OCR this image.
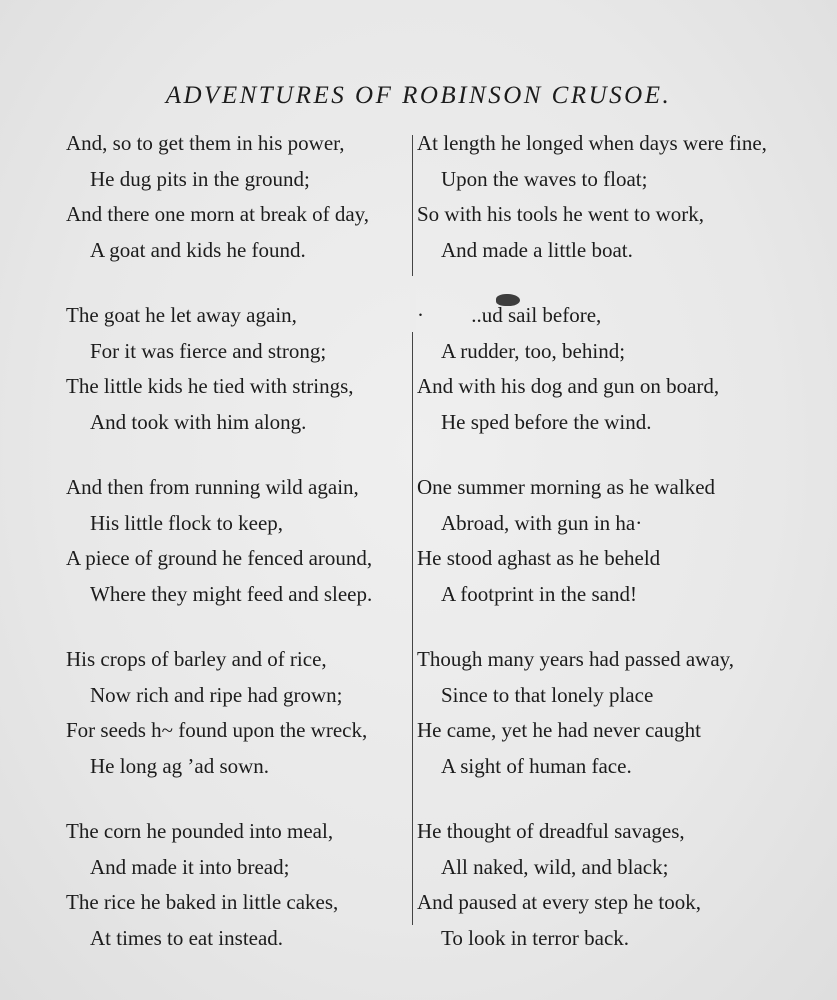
ADVENTURES OF ROBINSON CRUSOE.
And, so to get them in his power,
He dug pits in the ground;
And there one morn at break of day,
A goat and kids he found.
The goat he let away again,
For it was fierce and strong;
The little kids he tied with strings,
And took with him along.
And then from running wild again,
His little flock to keep,
A piece of ground he fenced around,
Where they might feed and sleep.
His crops of barley and of rice,
Now rich and ripe had grown;
For seeds h~ found upon the wreck,
He long ag ’ad sown.
The corn he pounded into meal,
And made it into bread;
The rice he baked in little cakes,
At times to eat instead.
At length he longed when days were fine,
Upon the waves to float;
So with his tools he went to work,
And made a little boat.
·         ..ud sail before,
A rudder, too, behind;
And with his dog and gun on board,
He sped before the wind.
One summer morning as he walked
Abroad, with gun in ha·
He stood aghast as he beheld
A footprint in the sand!
Though many years had passed away,
Since to that lonely place
He came, yet he had never caught
A sight of human face.
He thought of dreadful savages,
All naked, wild, and black;
And paused at every step he took,
To look in terror back.
